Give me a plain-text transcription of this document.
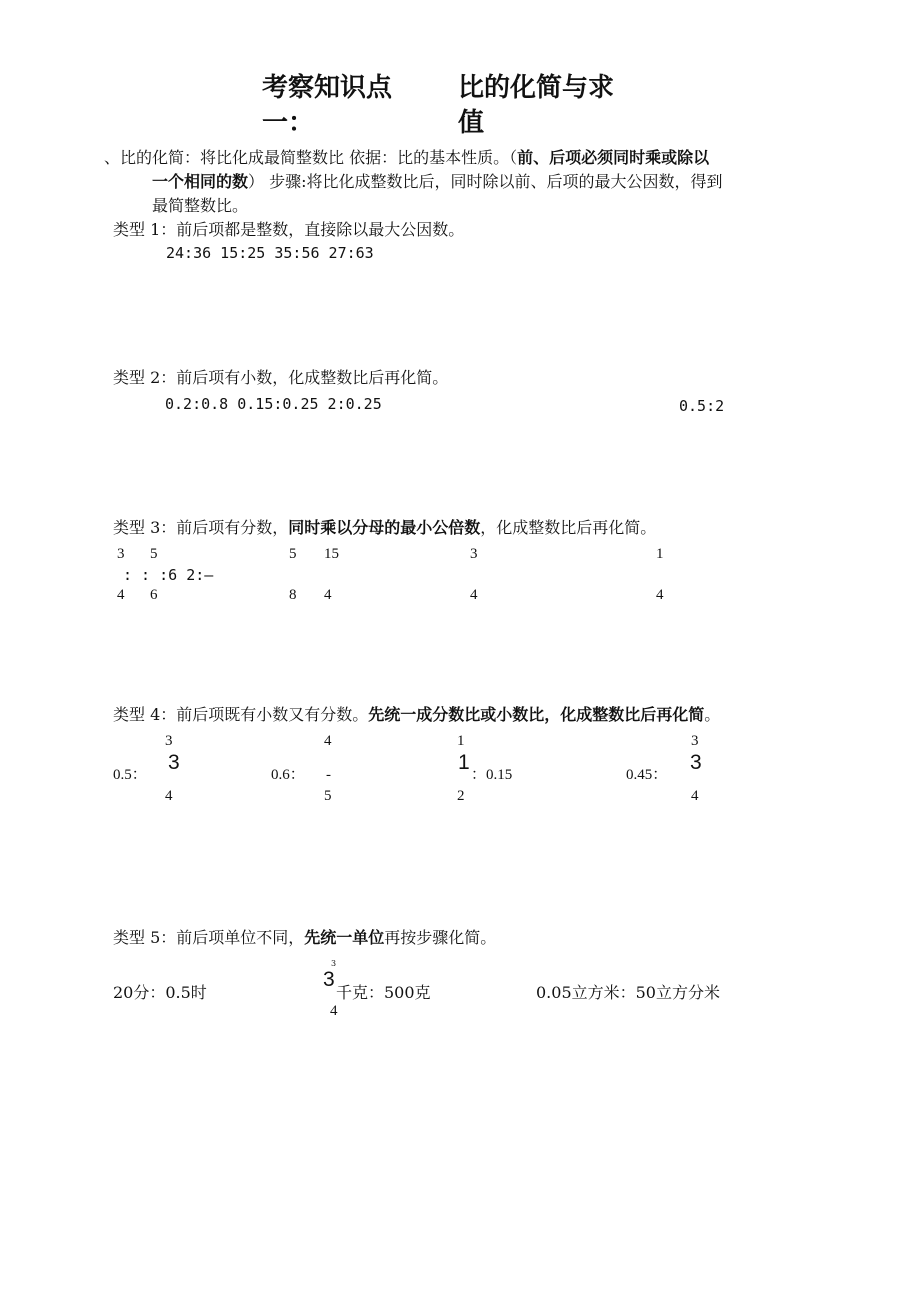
考察知识点
一：
比的化简与求
值
、比的化简：将比化成最简整数比 依据：比的基本性质。（前、后项必须同时乘或除以
一个相同的数） 步骤:将比化成整数比后，同时除以前、后项的最大公因数，得到
最简整数比。
类型 1：前后项都是整数，直接除以最大公因数。
24:36 15:25 35:56 27:63
类型 2：前后项有小数，化成整数比后再化简。
0.2:0.8 0.15:0.25 2:0.25	0.5:2
类型 3：前后项有分数，同时乘以分母的最小公倍数，化成整数比后再化简。
3 5	5 15	3	1
: : :6 2:—
4 6	8 4	4	4
类型 4：前后项既有小数又有分数。先统一成分数比或小数比，化成整数比后再化简。
3
0.5：
3
4
4
0.6： -
5
1
1
：0.15
2
3
0.45：
3
4
类型 5：前后项单位不同，先统一单位再按步骤化简。
20分：0.5时
3
3
千克：500克
4
0.05立方米：50立方分米
